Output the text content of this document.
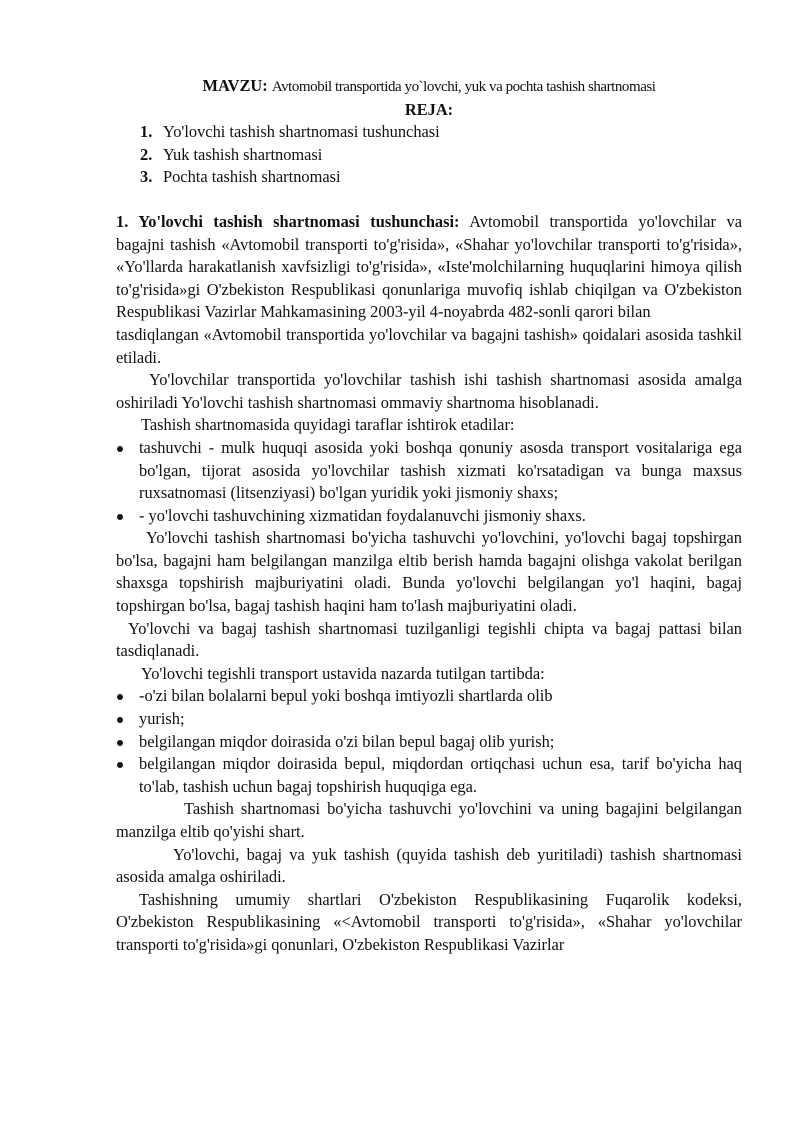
MAVZU: Avtomobil transportida yo`lovchi, yuk va pochta tashish shartnomasi
REJA:
1. Yo'lovchi tashish shartnomasi tushunchasi
2. Yuk tashish shartnomasi
3. Pochta tashish shartnomasi

1. Yo'lovchi tashish shartnomasi tushunchasi: Avtomobil transportida yo'lovchilar va bagajni tashish «Avtomobil transporti to'g'risida», «Shahar yo'lovchilar transporti to'g'risida», «Yo'llarda harakatlanish xavfsizligi to'g'risida», «Iste'molchilarning huquqlarini himoya qilish to'g'risida»gi O'zbekiston Respublikasi qonunlariga muvofiq ishlab chiqilgan va O'zbekiston Respublikasi Vazirlar Mahkamasining 2003-yil 4-noyabrda 482-sonli qarori bilan

tasdiqlangan «Avtomobil transportida yo'lovchilar va bagajni tashish» qoidalari asosida tashkil etiladi.

Yo'lovchilar transportida yo'lovchilar tashish ishi tashish shartnomasi asosida amalga oshiriladi Yo'lovchi tashish shartnomasi ommaviy shartnoma hisoblanadi.

Tashish shartnomasida quyidagi taraflar ishtirok etadilar:

tashuvchi - mulk huquqi asosida yoki boshqa qonuniy asosda transport vositalariga ega bo'lgan, tijorat asosida yo'lovchilar tashish xizmati ko'rsatadigan va bunga maxsus ruxsatnomasi (litsenziyasi) bo'lgan yuridik yoki jismoniy shaxs;
- yo'lovchi tashuvchining xizmatidan foydalanuvchi jismoniy shaxs.

Yo'lovchi tashish shartnomasi bo'yicha tashuvchi yo'lovchini, yo'lovchi bagaj topshirgan bo'lsa, bagajni ham belgilangan manzilga eltib berish hamda bagajni olishga vakolat berilgan shaxsga topshirish majburiyatini oladi. Bunda yo'lovchi belgilangan yo'l haqini, bagaj topshirgan bo'lsa, bagaj tashish haqini ham to'lash majburiyatini oladi.

Yo'lovchi va bagaj tashish shartnomasi tuzilganligi tegishli chipta va bagaj pattasi bilan tasdiqlanadi.

Yo'lovchi tegishli transport ustavida nazarda tutilgan tartibda:

-o'zi bilan bolalarni bepul yoki boshqa imtiyozli shartlarda olib
yurish;
belgilangan miqdor doirasida o'zi bilan bepul bagaj olib yurish;
belgilangan miqdor doirasida bepul, miqdordan ortiqchasi uchun esa, tarif bo'yicha haq to'lab, tashish uchun bagaj topshirish huquqiga ega.

Tashish shartnomasi bo'yicha tashuvchi yo'lovchini va uning bagajini belgilangan manzilga eltib qo'yishi shart.

Yo'lovchi, bagaj va yuk tashish (quyida tashish deb yuritiladi) tashish shartnomasi asosida amalga oshiriladi.

Tashishning umumiy shartlari O'zbekiston Respublikasining Fuqarolik kodeksi, O'zbekiston Respublikasining «<Avtomobil transporti to'g'risida», «Shahar yo'lovchilar transporti to'g'risida»gi qonunlari, O'zbekiston Respublikasi Vazirlar
